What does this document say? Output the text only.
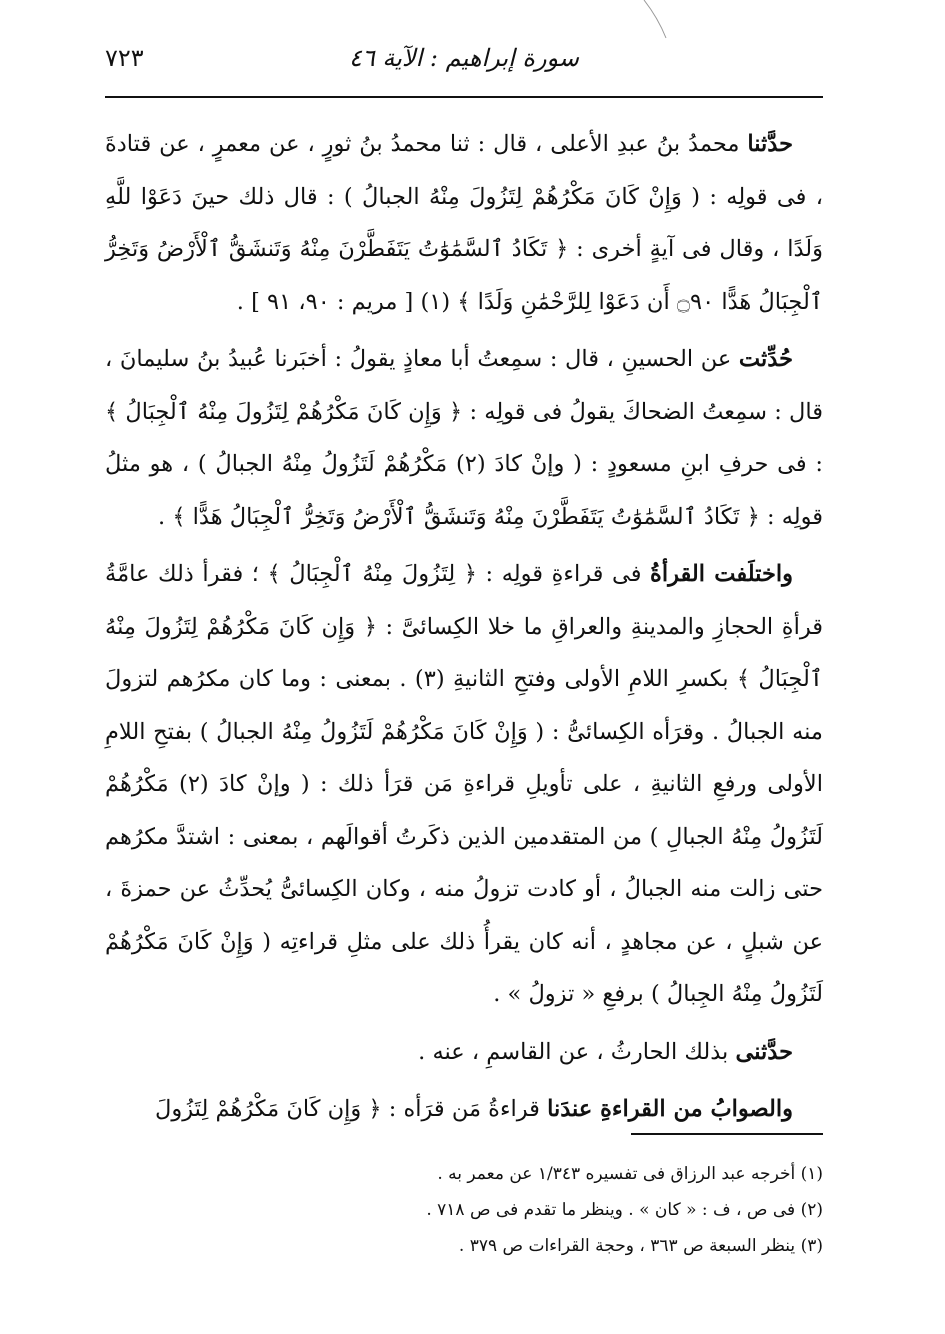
٧٢٣	سورة إبراهيم : الآية ٤٦

حدَّثنا محمدُ بنُ عبدِ الأعلى ، قال : ثنا محمدُ بنُ ثورٍ ، عن معمرٍ ، عن قتادةَ ، فى قولِه : ( وَإِنْ كَانَ مَكْرُهُمْ لِتَزُولَ مِنْهُ الجبالُ ) : قال ذلك حينَ دَعَوْا للَّهِ وَلَدًا ، وقال فى آيةٍ أخرى : ﴿ تَكَادُ ٱلسَّمَٰوَٰتُ يَتَفَطَّرْنَ مِنْهُ وَتَنشَقُّ ٱلْأَرْضُ وَتَخِرُّ ٱلْجِبَالُ هَدًّا ۝٩٠ أَن دَعَوْا لِلرَّحْمَٰنِ وَلَدًا ﴾ (١) [ مريم : ٩٠، ٩١ ] .

حُدِّثت عن الحسينِ ، قال : سمِعتُ أبا معاذٍ يقولُ : أخبَرنا عُبيدُ بنُ سليمانَ ، قال : سمِعتُ الضحاكَ يقولُ فى قولِه : ﴿ وَإِن كَانَ مَكْرُهُمْ لِتَزُولَ مِنْهُ ٱلْجِبَالُ ﴾ : فى حرفِ ابنِ مسعودٍ : ( وإنْ كادَ (٢) مَكْرُهُمْ لَتَزُولُ مِنْهُ الجبالُ ) ، هو مثلُ قولِه : ﴿ تَكَادُ ٱلسَّمَٰوَٰتُ يَتَفَطَّرْنَ مِنْهُ وَتَنشَقُّ ٱلْأَرْضُ وَتَخِرُّ ٱلْجِبَالُ هَدًّا ﴾ .

واختلَفت القرأةُ فى قراءةِ قولِه : ﴿ لِتَزُولَ مِنْهُ ٱلْجِبَالُ ﴾ ؛ فقرأ ذلك عامَّةُ قرأةِ الحجازِ والمدينةِ والعراقِ ما خلا الكِسائىَّ : ﴿ وَإِن كَانَ مَكْرُهُمْ لِتَزُولَ مِنْهُ ٱلْجِبَالُ ﴾ بكسرِ اللامِ الأولى وفتحِ الثانيةِ (٣) . بمعنى : وما كان مكرُهم لتزولَ منه الجبالُ . وقرَأه الكِسائىُّ : ( وَإِنْ كَانَ مَكْرُهُمْ لَتَزُولُ مِنْهُ الجبالُ ) بفتحِ اللامِ الأولى ورفعِ الثانيةِ ، على تأويلِ قراءةِ مَن قرَأ ذلك : ( وإنْ كادَ (٢) مَكْرُهُمْ لَتَزُولُ مِنْهُ الجبالِ ) من المتقدمين الذين ذكَرتُ أقوالَهم ، بمعنى : اشتدَّ مكرُهم حتى زالت منه الجبالُ ، أو كادت تزولُ منه ، وكان الكِسائىُّ يُحدِّثُ عن حمزةَ ، عن شبلٍ ، عن مجاهدٍ ، أنه كان يقرأُ ذلك على مثلِ قراءتِه ( وَإِنْ كَانَ مَكْرُهُمْ لَتَزُولُ مِنْهُ الجِبالُ ) برفعِ « تزولُ » .

حدَّثنى بذلك الحارثُ ، عن القاسمِ ، عنه .

والصوابُ من القراءةِ عندَنا قراءةُ مَن قرَأه : ﴿ وَإِن كَانَ مَكْرُهُمْ لِتَزُولَ

(١) أخرجه عبد الرزاق فى تفسيره ١/٣٤٣ عن معمر به .

(٢) فى ص ، ف : « كان » . وينظر ما تقدم فى ص ٧١٨ .

(٣) ينظر السبعة ص ٣٦٣ ، وحجة القراءات ص ٣٧٩ .
